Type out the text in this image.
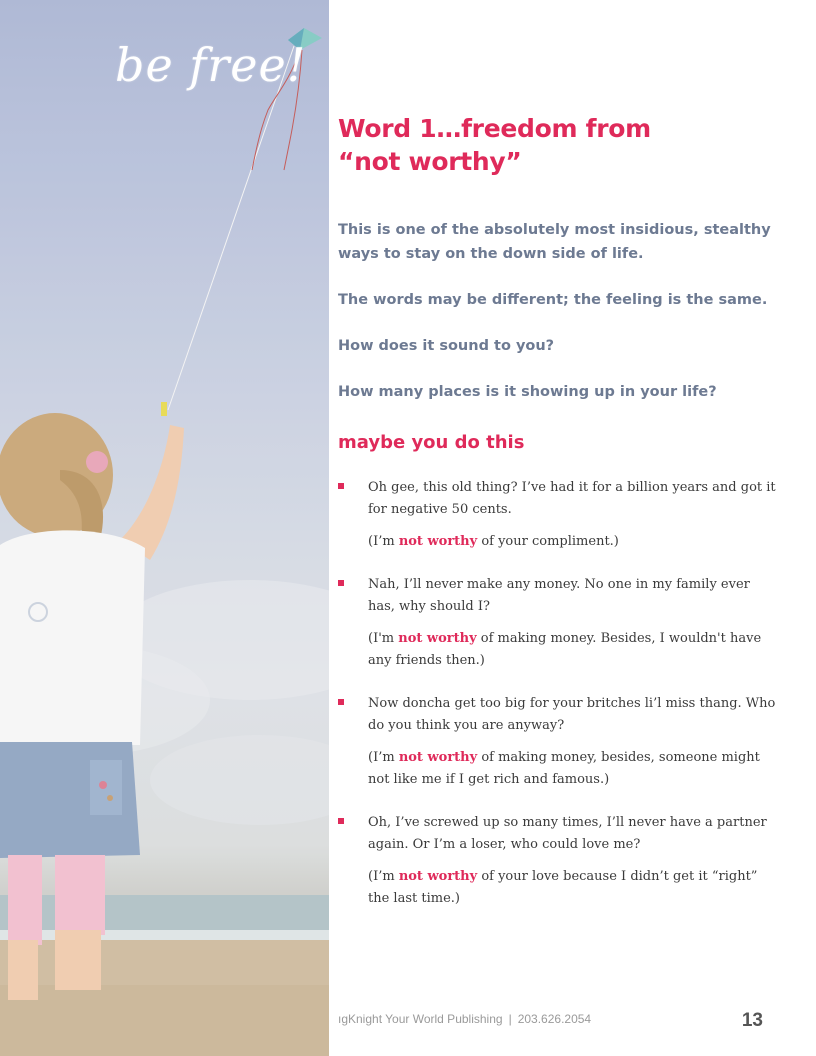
be free!
Word 1…freedom from
“not worthy”

This is one of the absolutely most insidious, stealthy ways to stay on the down side of life.

The words may be different; the feeling is the same.

How does it sound to you?

How many places is it showing up in your life?

maybe you do this

Oh gee, this old thing? I’ve had it for a billion years and got it for negative 50 cents.

(I’m not worthy of your compliment.)

Nah, I’ll never make any money. No one in my family ever has, why should I?

(I'm not worthy of making money. Besides, I wouldn't have any friends then.)

Now doncha get too big for your britches li’l miss thang. Who do you think you are anyway?

(I’m not worthy of making money, besides, someone might not like me if I get rich and famous.)

Oh, I’ve screwed up so many times, I’ll never have a partner again. Or I’m a loser, who could love me?

(I’m not worthy of your love because I didn’t get it “right” the last time.)

ıgKnight Your World Publishing | 203.626.2054	13
